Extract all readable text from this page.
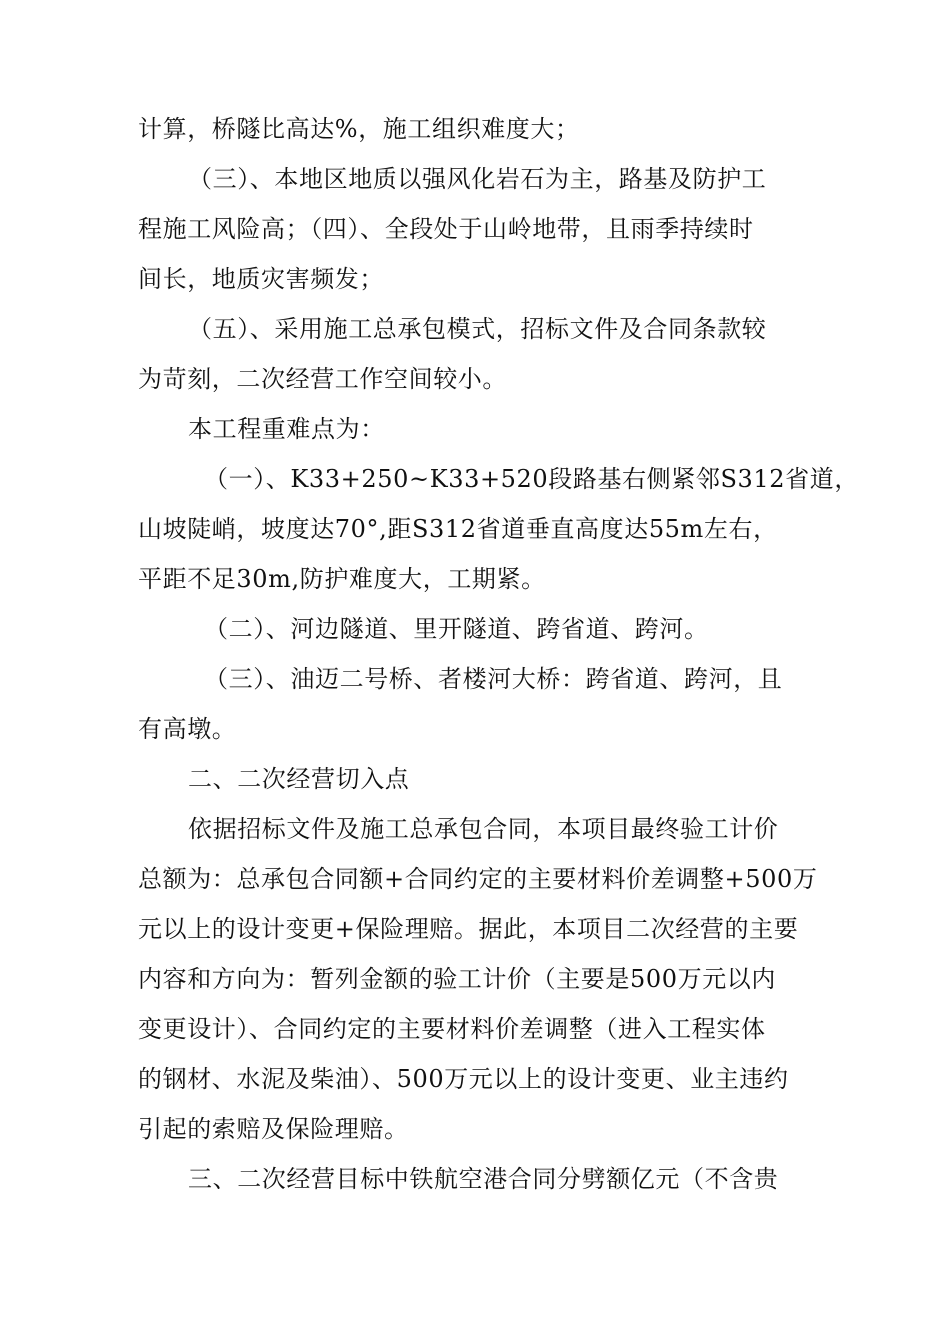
计算，桥隧比高达%，施工组织难度大；
（三）、本地区地质以强风化岩石为主，路基及防护工
程施工风险高；（四）、全段处于山岭地带，且雨季持续时
间长，地质灾害频发；
（五）、采用施工总承包模式，招标文件及合同条款较
为苛刻，二次经营工作空间较小。
本工程重难点为：
（一）、K33+250~K33+520段路基右侧紧邻S312省道，
山坡陡峭，坡度达70°,距S312省道垂直高度达55m左右，
平距不足30m,防护难度大，工期紧。
（二）、河边隧道、里开隧道、跨省道、跨河。
（三）、油迈二号桥、者楼河大桥：跨省道、跨河，且
有高墩。
二、二次经营切入点
依据招标文件及施工总承包合同，本项目最终验工计价
总额为：总承包合同额+合同约定的主要材料价差调整+500万
元以上的设计变更+保险理赔。据此，本项目二次经营的主要
内容和方向为：暂列金额的验工计价（主要是500万元以内
变更设计）、合同约定的主要材料价差调整（进入工程实体
的钢材、水泥及柴油）、500万元以上的设计变更、业主违约
引起的索赔及保险理赔。
三、二次经营目标中铁航空港合同分劈额亿元（不含贵
